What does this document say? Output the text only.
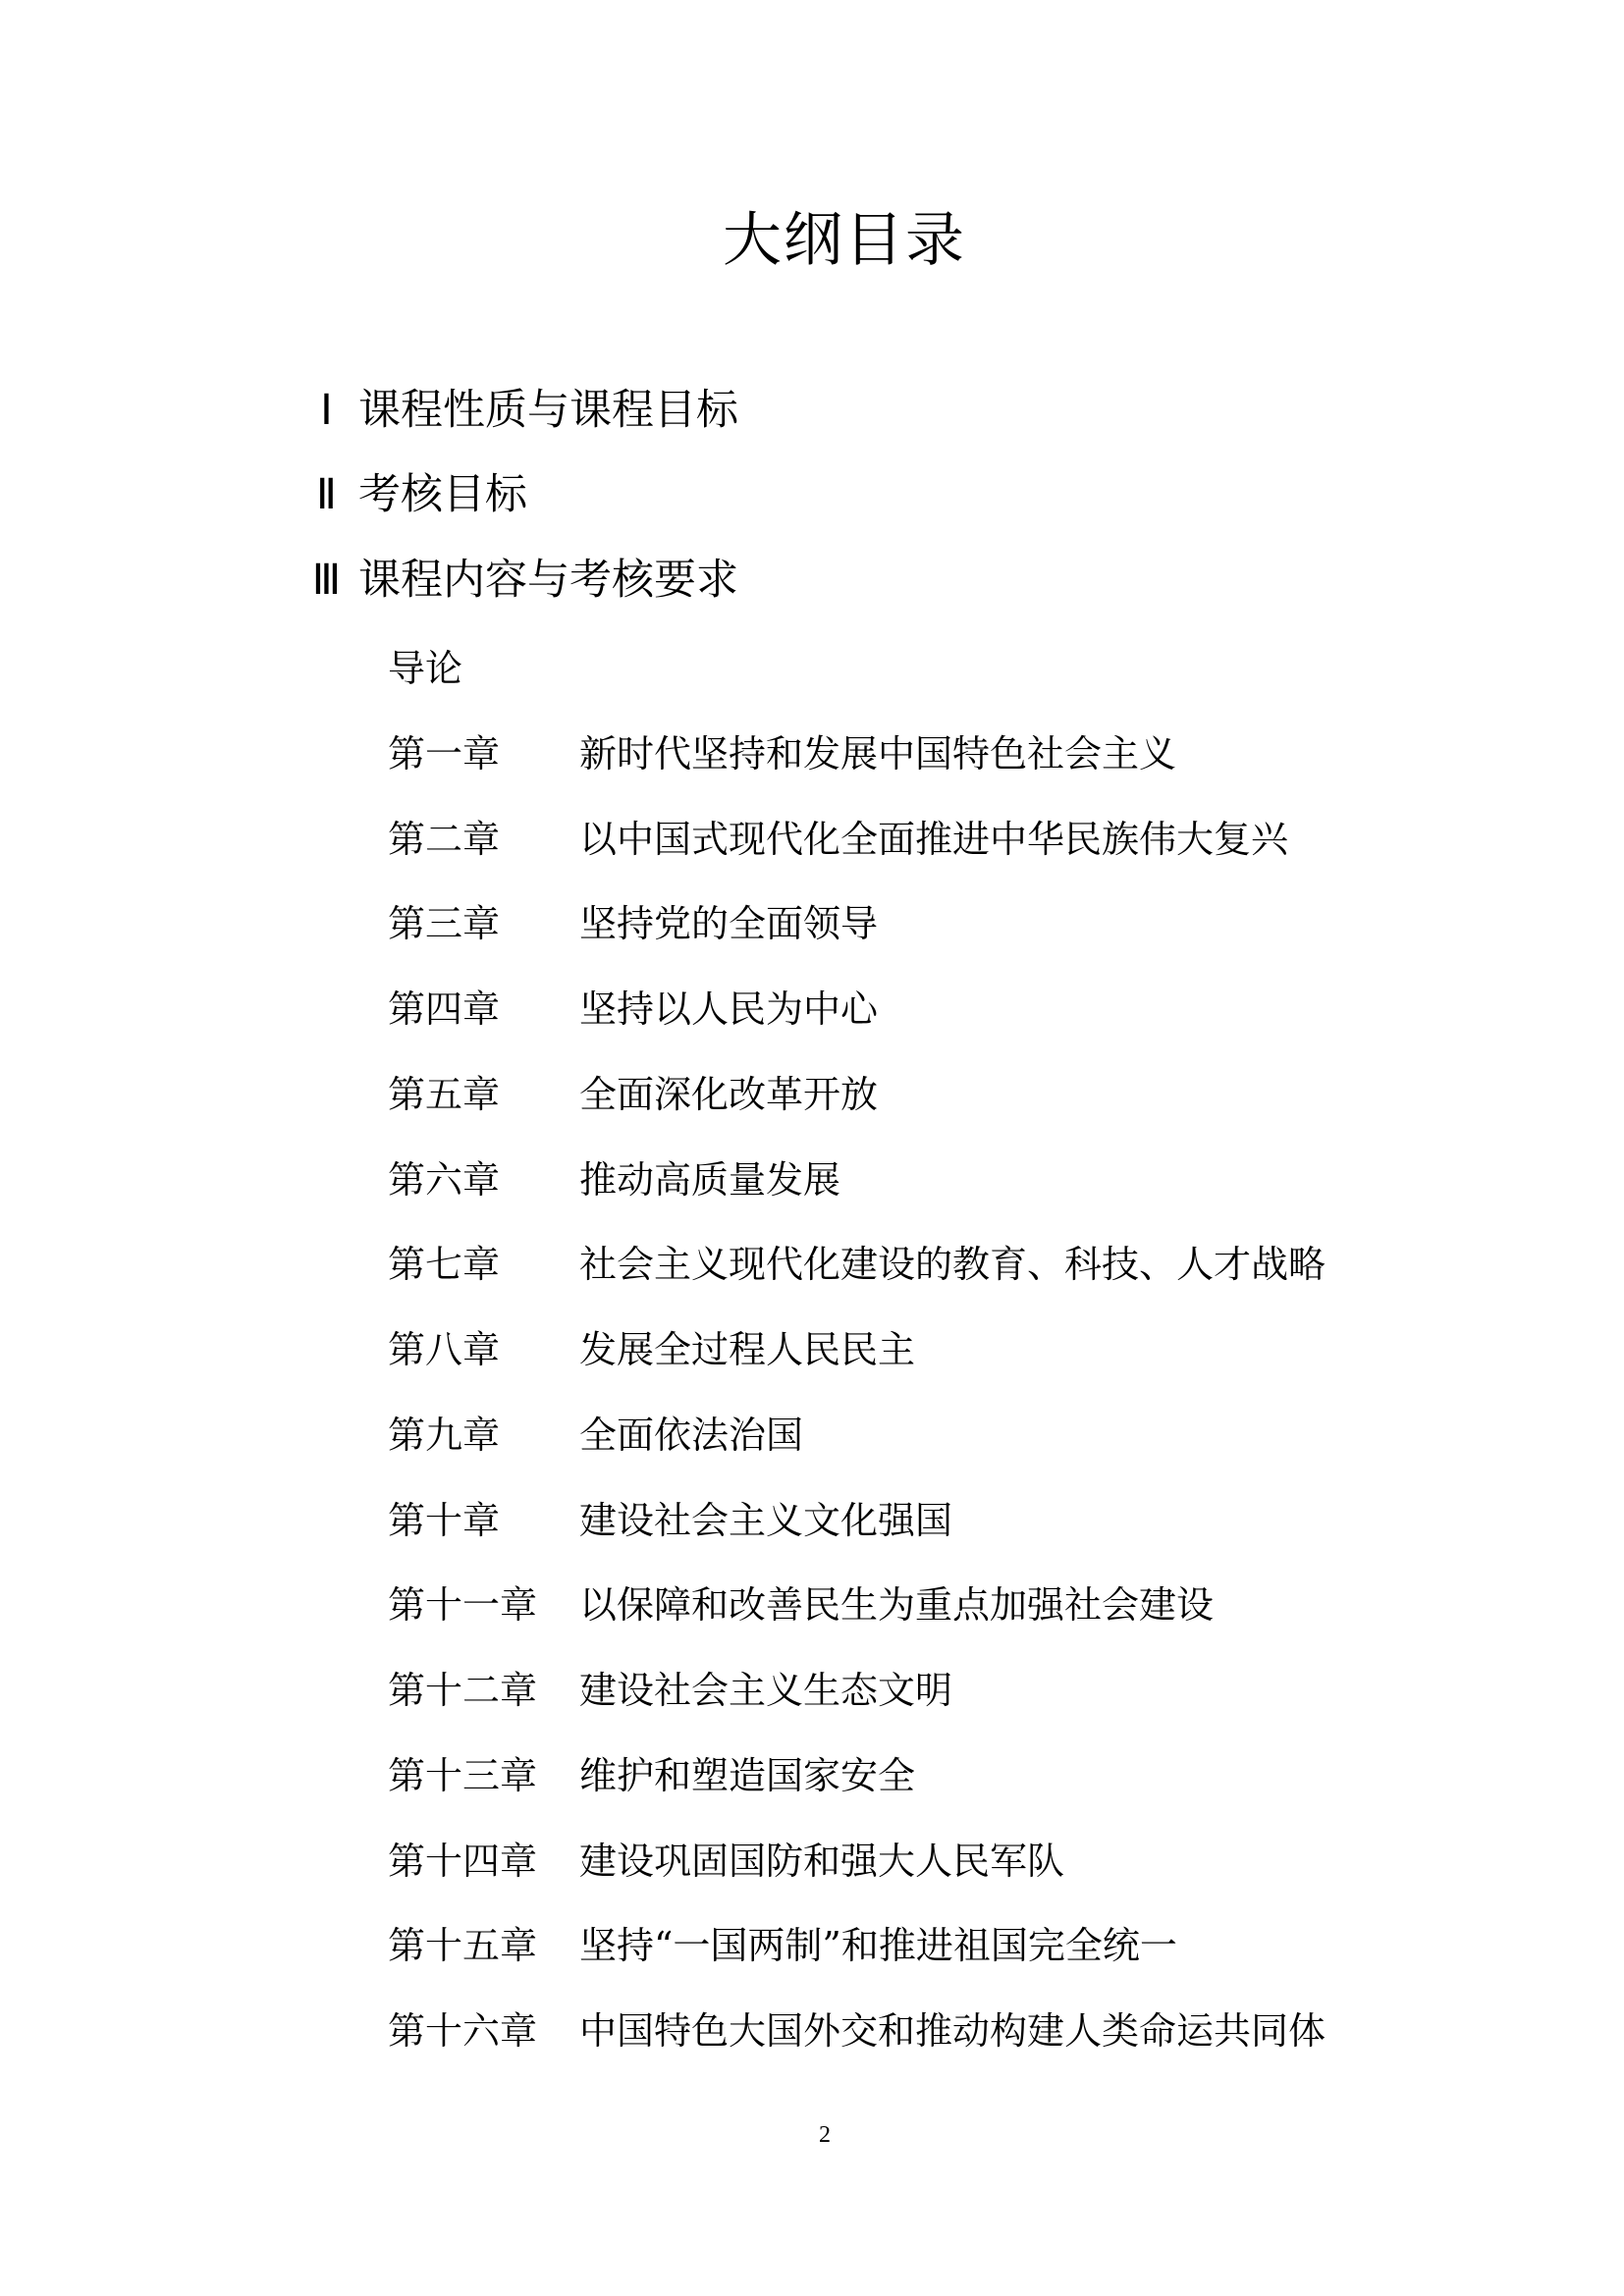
大纲目录
Ⅰ 课程性质与课程目标
Ⅱ 考核目标
Ⅲ 课程内容与考核要求
导论
第一章 新时代坚持和发展中国特色社会主义
第二章 以中国式现代化全面推进中华民族伟大复兴
第三章 坚持党的全面领导
第四章 坚持以人民为中心
第五章 全面深化改革开放
第六章 推动高质量发展
第七章 社会主义现代化建设的教育、科技、人才战略
第八章 发展全过程人民民主
第九章 全面依法治国
第十章 建设社会主义文化强国
第十一章 以保障和改善民生为重点加强社会建设
第十二章 建设社会主义生态文明
第十三章 维护和塑造国家安全
第十四章 建设巩固国防和强大人民军队
第十五章 坚持“一国两制”和推进祖国完全统一
第十六章 中国特色大国外交和推动构建人类命运共同体
2
